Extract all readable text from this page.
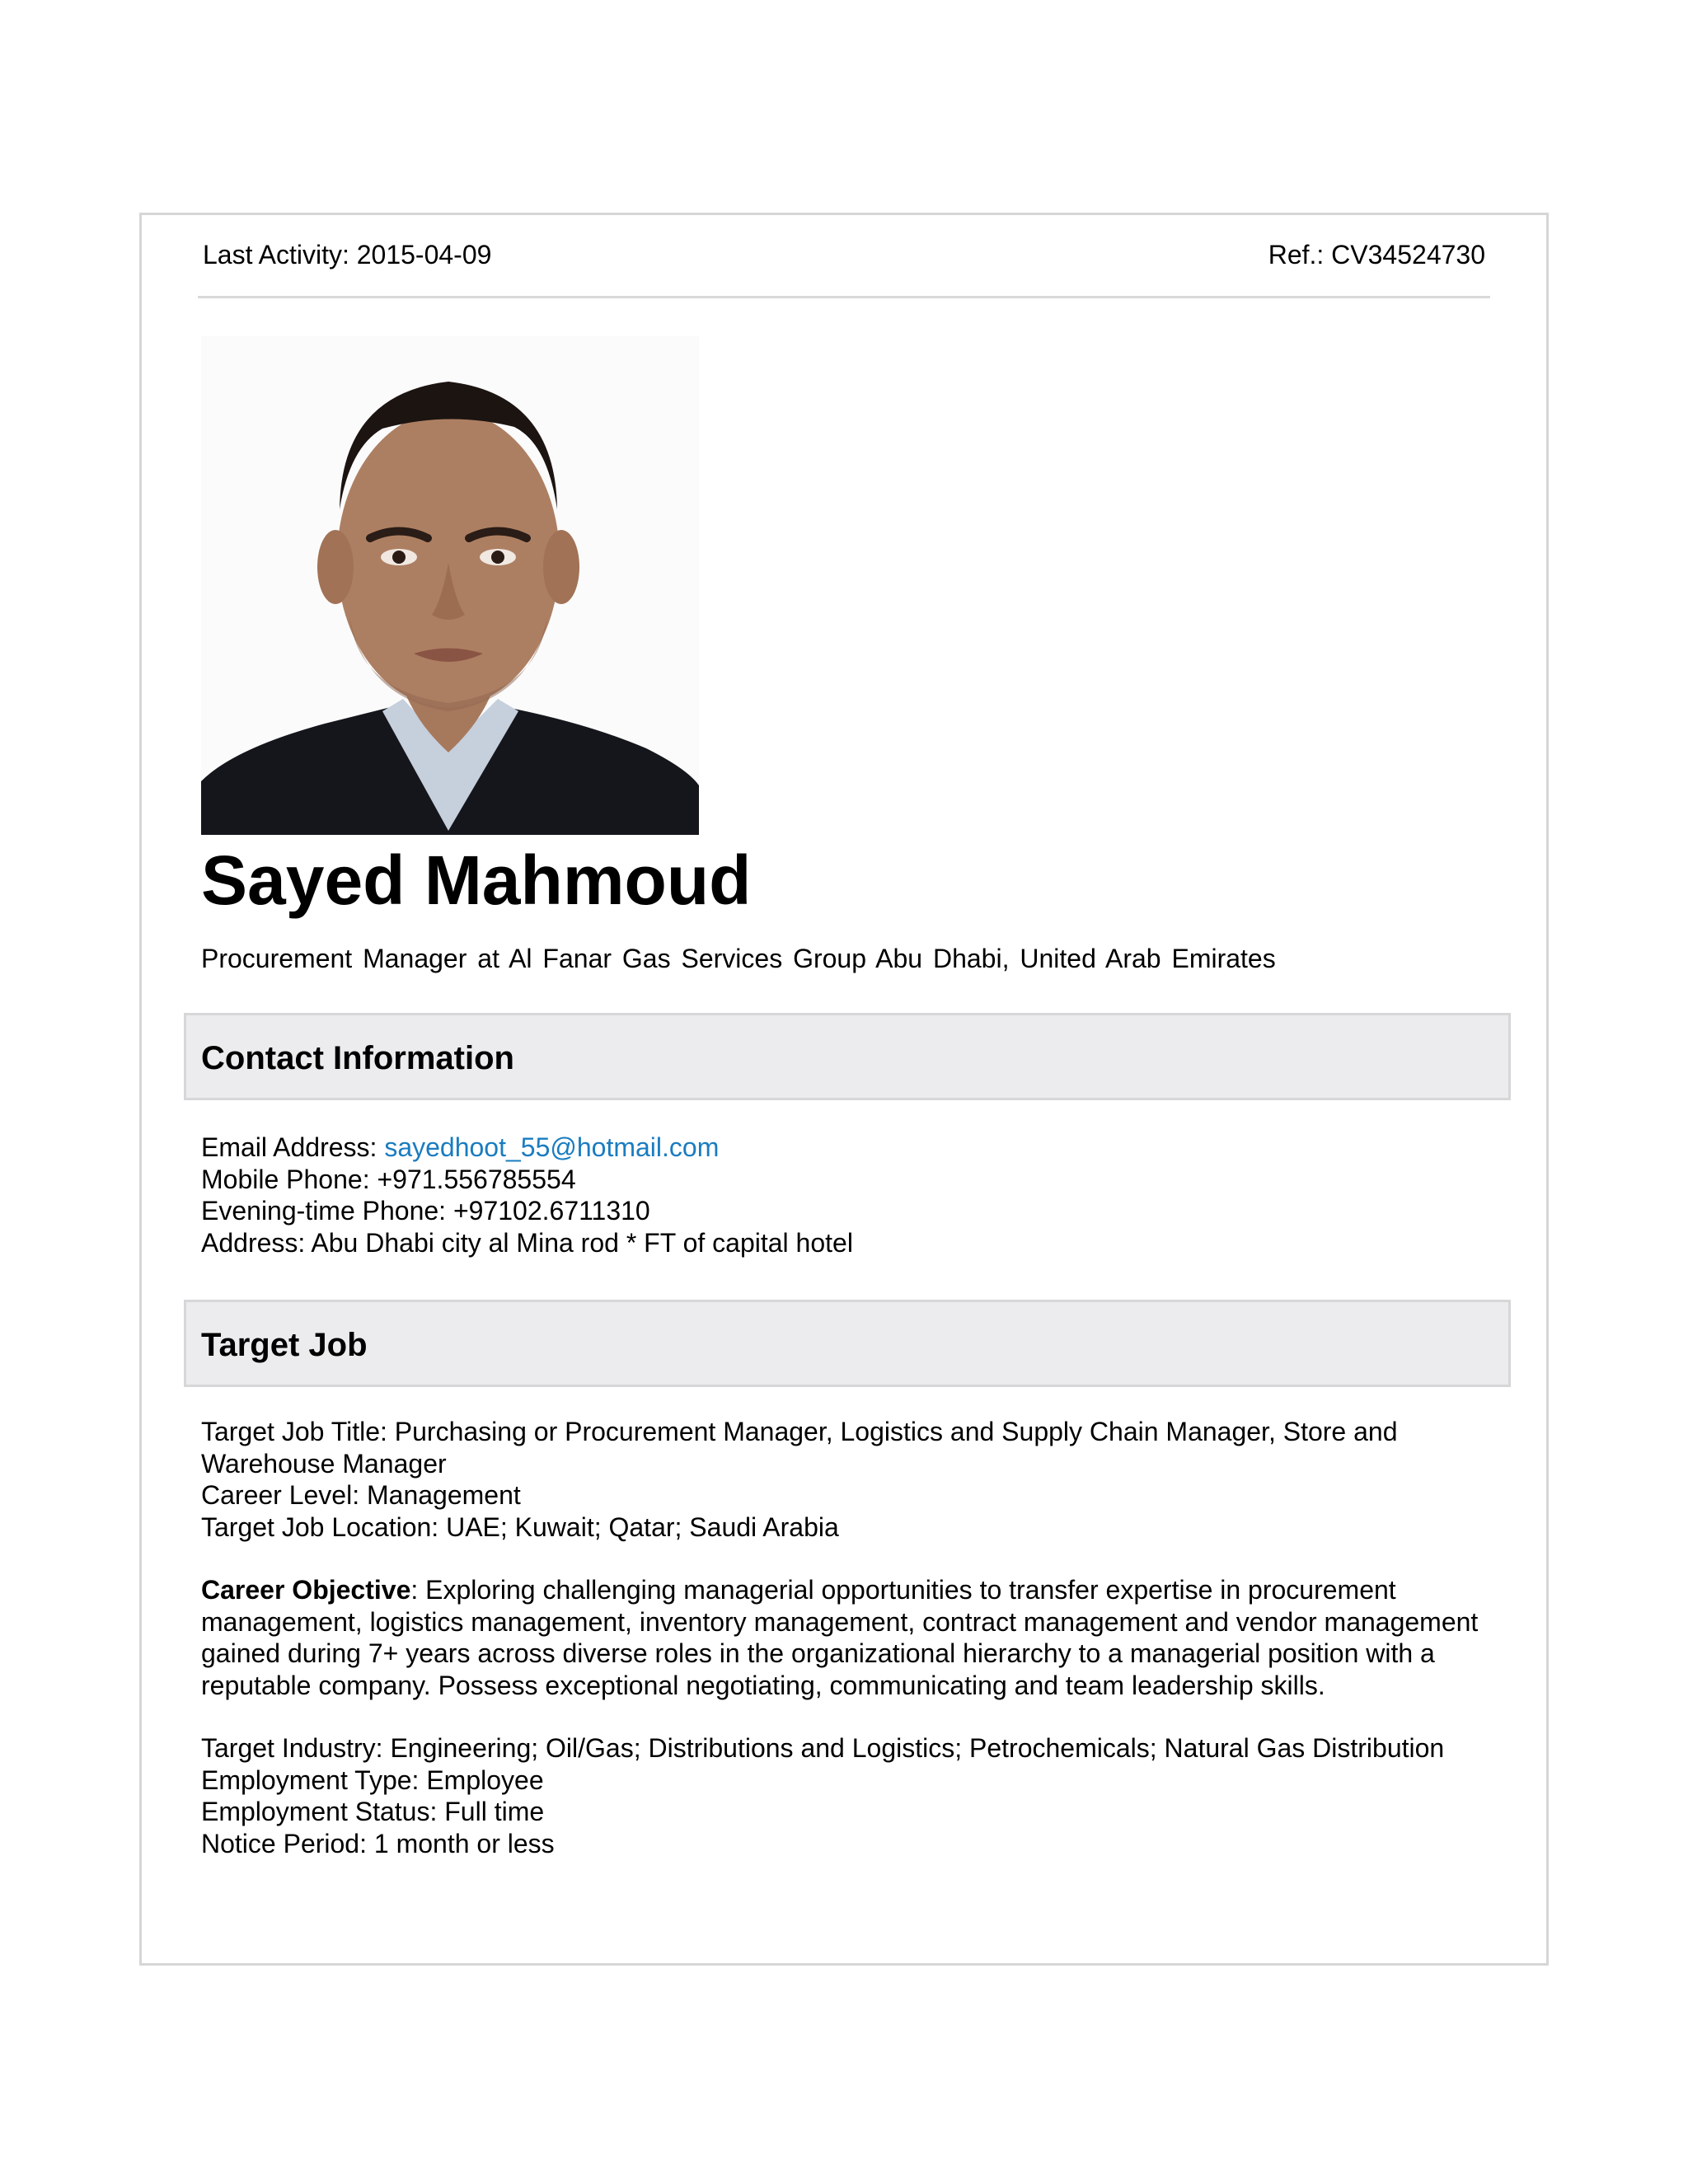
Last Activity: 2015-04-09	Ref.: CV34524730
Sayed Mahmoud
Procurement Manager at Al Fanar Gas Services Group Abu Dhabi, United Arab Emirates
Contact Information

Email Address: sayedhoot_55@hotmail.com

Mobile Phone: +971.556785554

Evening-time Phone: +97102.6711310

Address: Abu Dhabi city al Mina rod * FT of capital hotel

Target Job

Target Job Title: Purchasing or Procurement Manager, Logistics and Supply Chain Manager, Store and Warehouse Manager

Career Level: Management

Target Job Location: UAE; Kuwait; Qatar; Saudi Arabia

Career Objective: Exploring challenging managerial opportunities to transfer expertise in procurement management, logistics management, inventory management, contract management and vendor management gained during 7+ years across diverse roles in the organizational hierarchy to a managerial position with a reputable company. Possess exceptional negotiating, communicating and team leadership skills.

Target Industry: Engineering; Oil/Gas; Distributions and Logistics; Petrochemicals; Natural Gas Distribution

Employment Type: Employee

Employment Status: Full time

Notice Period: 1 month or less
